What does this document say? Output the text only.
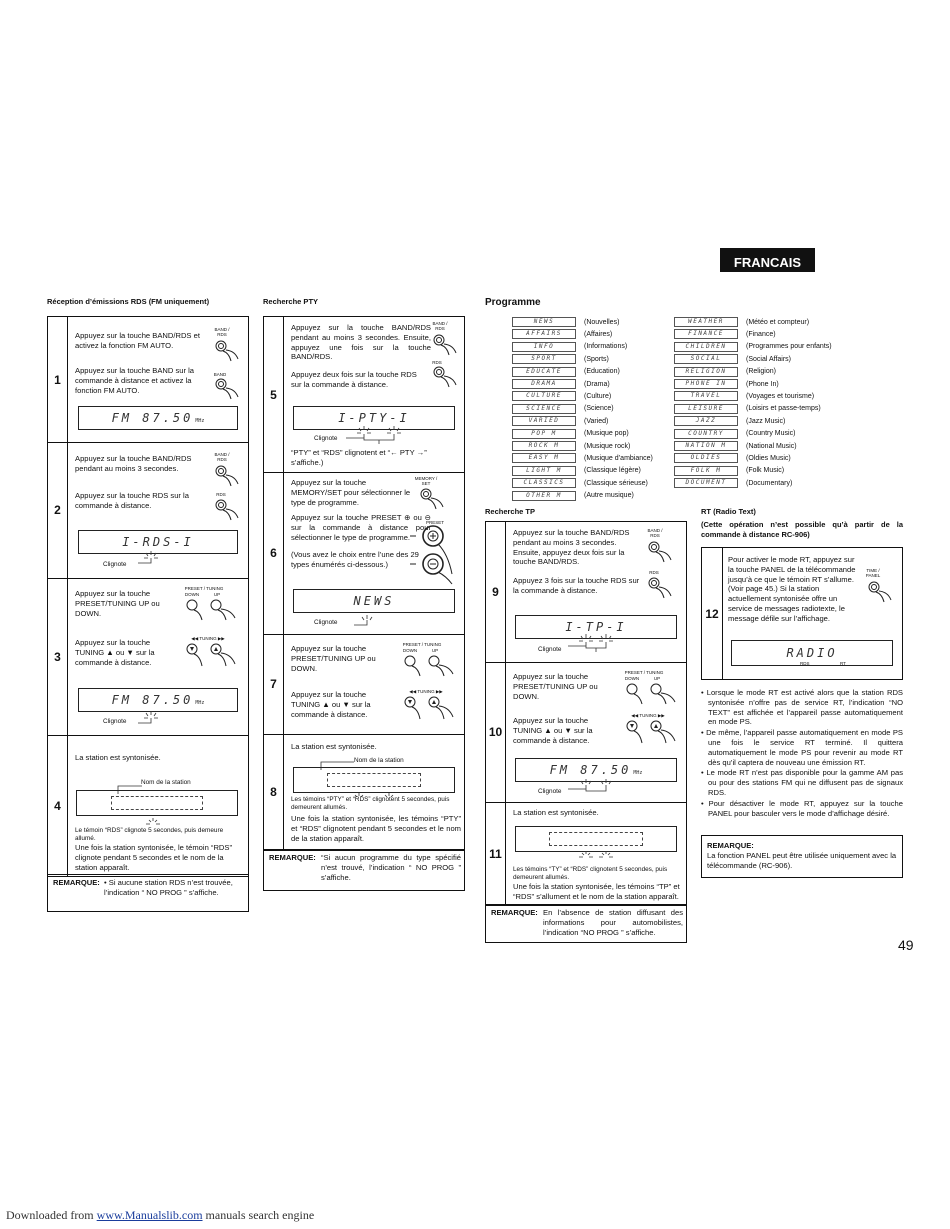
FRANCAIS
Réception d’émissions RDS (FM uniquement)
1
Appuyez sur la touche BAND/RDS et activez la fonction FM AUTO.
Appuyez sur la touche BAND sur la commande à distance et activez la fonction FM AUTO.
BAND / RDS
BAND
FM 87.50 MHz
2
Appuyez sur la touche BAND/RDS pendant au moins 3 secondes.
Appuyez sur la touche RDS sur la commande à distance.
BAND / RDS
RDS
I-RDS-I
Clignote
3
Appuyez sur la touche PRESET/TUNING UP ou DOWN.
Appuyez sur la touche TUNING ▲ ou ▼ sur la commande à distance.
PRESET / TUNING
DOWN	UP
◀◀ TUNING ▶▶
FM 87.50 MHz
Clignote
4
La station est syntonisée.
Nom de la station
Le témoin “RDS” clignote 5 secondes, puis demeure allumé.
Une fois la station syntonisée, le témoin “RDS” clignote pendant 5 secondes et le nom de la station apparaît.
REMARQUE: • Si aucune station RDS n’est trouvée, l’indication “ NO PROG ” s’affiche.
Recherche PTY
5
Appuyez sur la touche BAND/RDS pendant au moins 3 secondes. Ensuite, appuyez une fois sur la touche BAND/RDS.
Appuyez deux fois sur la touche RDS sur la commande à distance.
BAND / RDS
RDS
I-PTY-I
Clignote
“PTY” et “RDS” clignotent et “← PTY →” s’affiche.)
6
Appuyez sur la touche MEMORY/SET pour sélectionner le type de programme.
Appuyez sur la touche PRESET ⊕ ou ⊖ sur la commande à distance pour sélectionner le type de programme.
(Vous avez le choix entre l’une des 29 types énumérés ci-dessous.)
MEMORY / SET
PRESET
NEWS
Clignote
7
Appuyez sur la touche PRESET/TUNING UP ou DOWN.
Appuyez sur la touche TUNING ▲ ou ▼ sur la commande à distance.
PRESET / TUNING
DOWN	UP
◀◀ TUNING ▶▶
8
La station est syntonisée.
Nom de la station
Les témoins “PTY” et “RDS” clignotent 5 secondes, puis demeurent allumés.
Une fois la station syntonisée, les témoins “PTY” et “RDS” clignotent pendant 5 secondes et le nom de la station apparaît.
REMARQUE: “Si aucun programme du type spécifié n’est trouvé, l’indication “ NO PROG ” s’affiche.
Programme
NEWS	(Nouvelles)
AFFAIRS	(Affaires)
INFO	(Informations)
SPORT	(Sports)
EDUCATE	(Education)
DRAMA	(Drama)
CULTURE	(Culture)
SCIENCE	(Science)
VARIED	(Varied)
POP M	(Musique pop)
ROCK M	(Musique rock)
EASY M	(Musique d’ambiance)
LIGHT M	(Classique légère)
CLASSICS	(Classique sérieuse)
OTHER M	(Autre musique)
WEATHER	(Météo et compteur)
FINANCE	(Finance)
CHILDREN	(Programmes pour enfants)
SOCIAL	(Social Affairs)
RELIGION	(Religion)
PHONE IN	(Phone In)
TRAVEL	(Voyages et tourisme)
LEISURE	(Loisirs et passe-temps)
JAZZ	(Jazz Music)
COUNTRY	(Country Music)
NATION M	(National Music)
OLDIES	(Oldies Music)
FOLK M	(Folk Music)
DOCUMENT	(Documentary)
Recherche TP
9
Appuyez sur la touche BAND/RDS pendant au moins 3 secondes. Ensuite, appuyez deux fois sur la touche BAND/RDS.
Appuyez 3 fois sur la touche RDS sur la commande à distance.
BAND / RDS
RDS
I-TP-I
Clignote
10
Appuyez sur la touche PRESET/TUNING UP ou DOWN.
Appuyez sur la touche TUNING ▲ ou ▼ sur la commande à distance.
PRESET / TUNING
DOWN	UP
◀◀ TUNING ▶▶
FM 87.50 MHz
Clignote
11
La station est syntonisée.
Les témoins “TY” et “RDS” clignotent 5 secondes, puis demeurent allumés.
Une fois la station syntonisée, les témoins “TP” et “RDS” s’allument et le nom de la station apparaît.
REMARQUE: En l’absence de station diffusant des informations pour automobilistes, l’indication “NO PROG ” s’affiche.
RT (Radio Text)
(Cette opération n’est possible qu’à partir de la commande à distance RC-906)
12
Pour activer le mode RT, appuyez sur la touche PANEL de la télécommande jusqu’à ce que le témoin RT s’allume. (Voir page 45.) Si la station actuellement syntonisée offre un service de messages radiotexte, le message défile sur l’affichage.
TIME / PANEL
RADIO
RDS	RT
• Lorsque le mode RT est activé alors que la station RDS syntonisée n’offre pas de service RT, l’indication “NO TEXT” est affichée et l’appareil passe automatiquement en mode PS.
• De même, l’appareil passe automatiquement en mode PS une fois le service RT terminé. Il quittera automatiquement le mode PS pour revenir au mode RT dès qu’il captera de nouveau une émission RT.
• Le mode RT n’est pas disponible pour la gamme AM pas ou pour des stations FM qui ne diffusent pas de signaux RDS.
• Pour désactiver le mode RT, appuyez sur la touche PANEL pour basculer vers le mode d’affichage désiré.
REMARQUE:
La fonction PANEL peut être utilisée uniquement avec la télécommande (RC-906).
49
Downloaded from www.Manualslib.com manuals search engine
